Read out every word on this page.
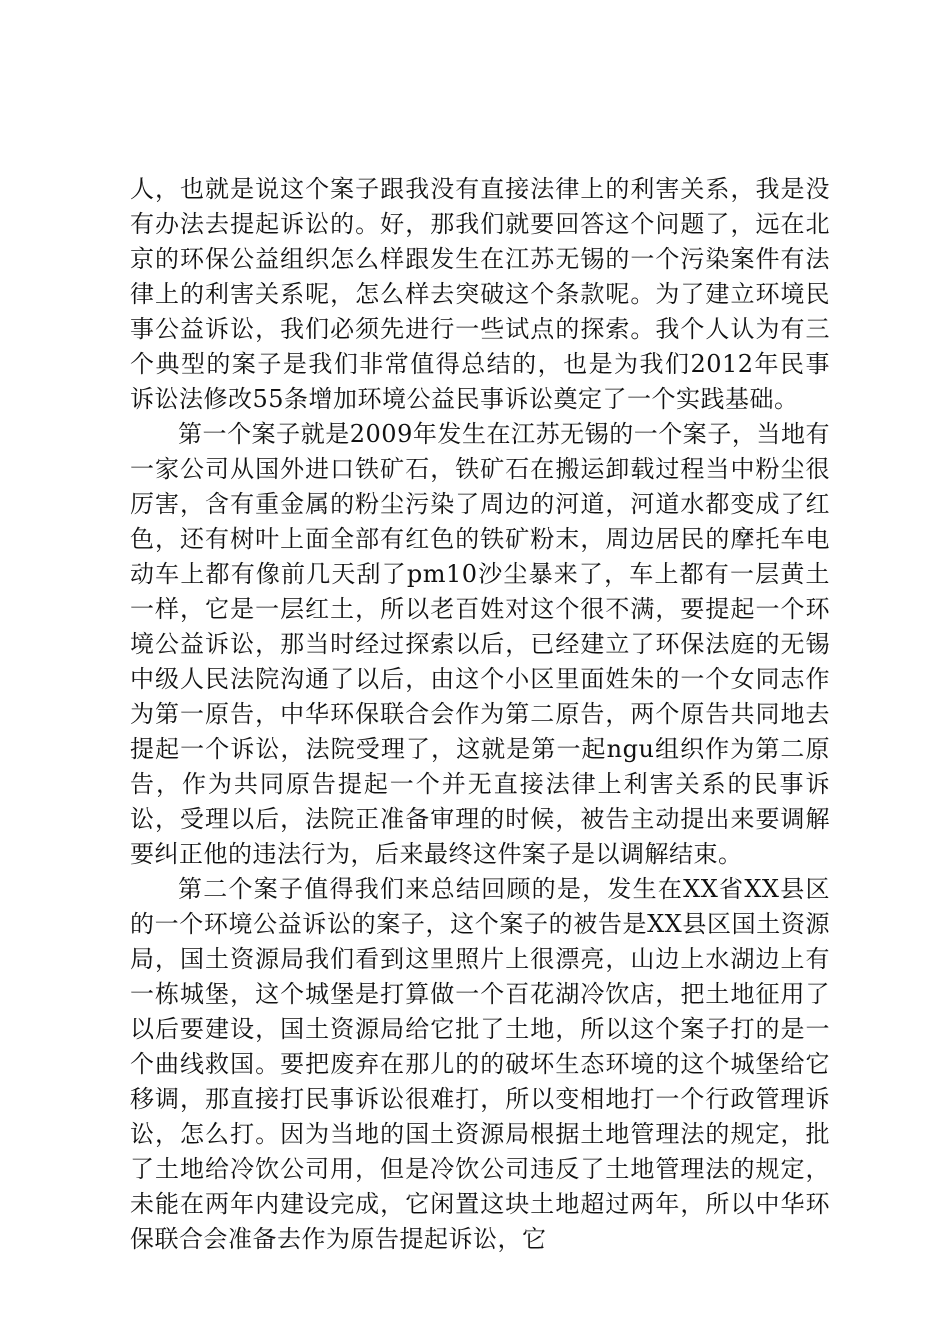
人，也就是说这个案子跟我没有直接法律上的利害关系，我是没有办法去提起诉讼的。好，那我们就要回答这个问题了，远在北京的环保公益组织怎么样跟发生在江苏无锡的一个污染案件有法律上的利害关系呢，怎么样去突破这个条款呢。为了建立环境民事公益诉讼，我们必须先进行一些试点的探索。我个人认为有三个典型的案子是我们非常值得总结的，也是为我们2012年民事诉讼法修改55条增加环境公益民事诉讼奠定了一个实践基础。

第一个案子就是2009年发生在江苏无锡的一个案子，当地有一家公司从国外进口铁矿石，铁矿石在搬运卸载过程当中粉尘很厉害，含有重金属的粉尘污染了周边的河道，河道水都变成了红色，还有树叶上面全部有红色的铁矿粉末，周边居民的摩托车电动车上都有像前几天刮了pm10沙尘暴来了，车上都有一层黄土一样，它是一层红土，所以老百姓对这个很不满，要提起一个环境公益诉讼，那当时经过探索以后，已经建立了环保法庭的无锡中级人民法院沟通了以后，由这个小区里面姓朱的一个女同志作为第一原告，中华环保联合会作为第二原告，两个原告共同地去提起一个诉讼，法院受理了，这就是第一起ngu组织作为第二原告，作为共同原告提起一个并无直接法律上利害关系的民事诉讼，受理以后，法院正准备审理的时候，被告主动提出来要调解要纠正他的违法行为，后来最终这件案子是以调解结束。

第二个案子值得我们来总结回顾的是，发生在XX省XX县区的一个环境公益诉讼的案子，这个案子的被告是XX县区国土资源局，国土资源局我们看到这里照片上很漂亮，山边上水湖边上有一栋城堡，这个城堡是打算做一个百花湖冷饮店，把土地征用了以后要建设，国土资源局给它批了土地，所以这个案子打的是一个曲线救国。要把废弃在那儿的的破坏生态环境的这个城堡给它移调，那直接打民事诉讼很难打，所以变相地打一个行政管理诉讼，怎么打。因为当地的国土资源局根据土地管理法的规定，批了土地给冷饮公司用，但是冷饮公司违反了土地管理法的规定，未能在两年内建设完成，它闲置这块土地超过两年，所以中华环保联合会准备去作为原告提起诉讼，它
